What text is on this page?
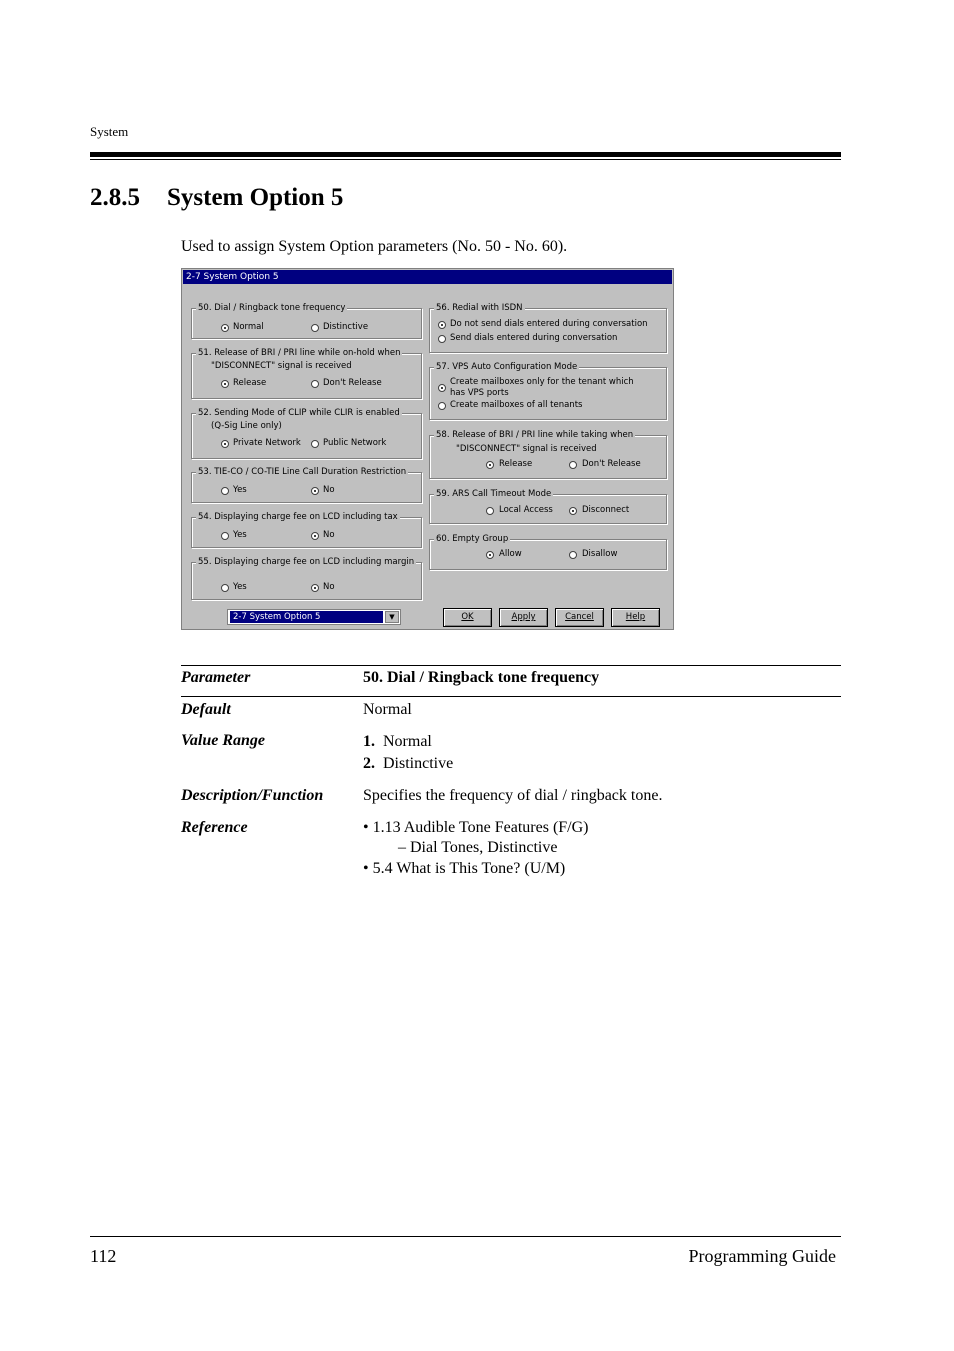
System
2.8.5 System Option 5
Used to assign System Option parameters (No. 50 - No. 60).
2-7 System Option 5
50. Dial / Ringback tone frequency
Normal	Distinctive
51. Release of BRI / PRI line while on-hold when
"DISCONNECT" signal is received
Release	Don't Release
52. Sending Mode of CLIP while CLIR is enabled
(Q-Sig Line only)
Private Network	Public Network
53. TIE-CO / CO-TIE Line Call Duration Restriction
Yes	No
54. Displaying charge fee on LCD including tax
Yes	No
55. Displaying charge fee on LCD including margin
Yes	No
56. Redial with ISDN
Do not send dials entered during conversation
Send dials entered during conversation
57. VPS Auto Configuration Mode
Create mailboxes only for the tenant which
has VPS ports
Create mailboxes of all tenants
58. Release of BRI / PRI line while taking when
"DISCONNECT" signal is received
Release	Don't Release
59. ARS Call Timeout Mode
Local Access	Disconnect
60. Empty Group
Allow	Disallow
2-7 System Option 5	▼	OK	Apply	Cancel	Help
Parameter	50. Dial / Ringback tone frequency
Default	Normal
Value Range	1. Normal
2. Distinctive
Description/Function Specifies the frequency of dial / ringback tone.
Reference	• 1.13 Audible Tone Features (F/G)
– Dial Tones, Distinctive
• 5.4 What is This Tone? (U/M)
112	Programming Guide
